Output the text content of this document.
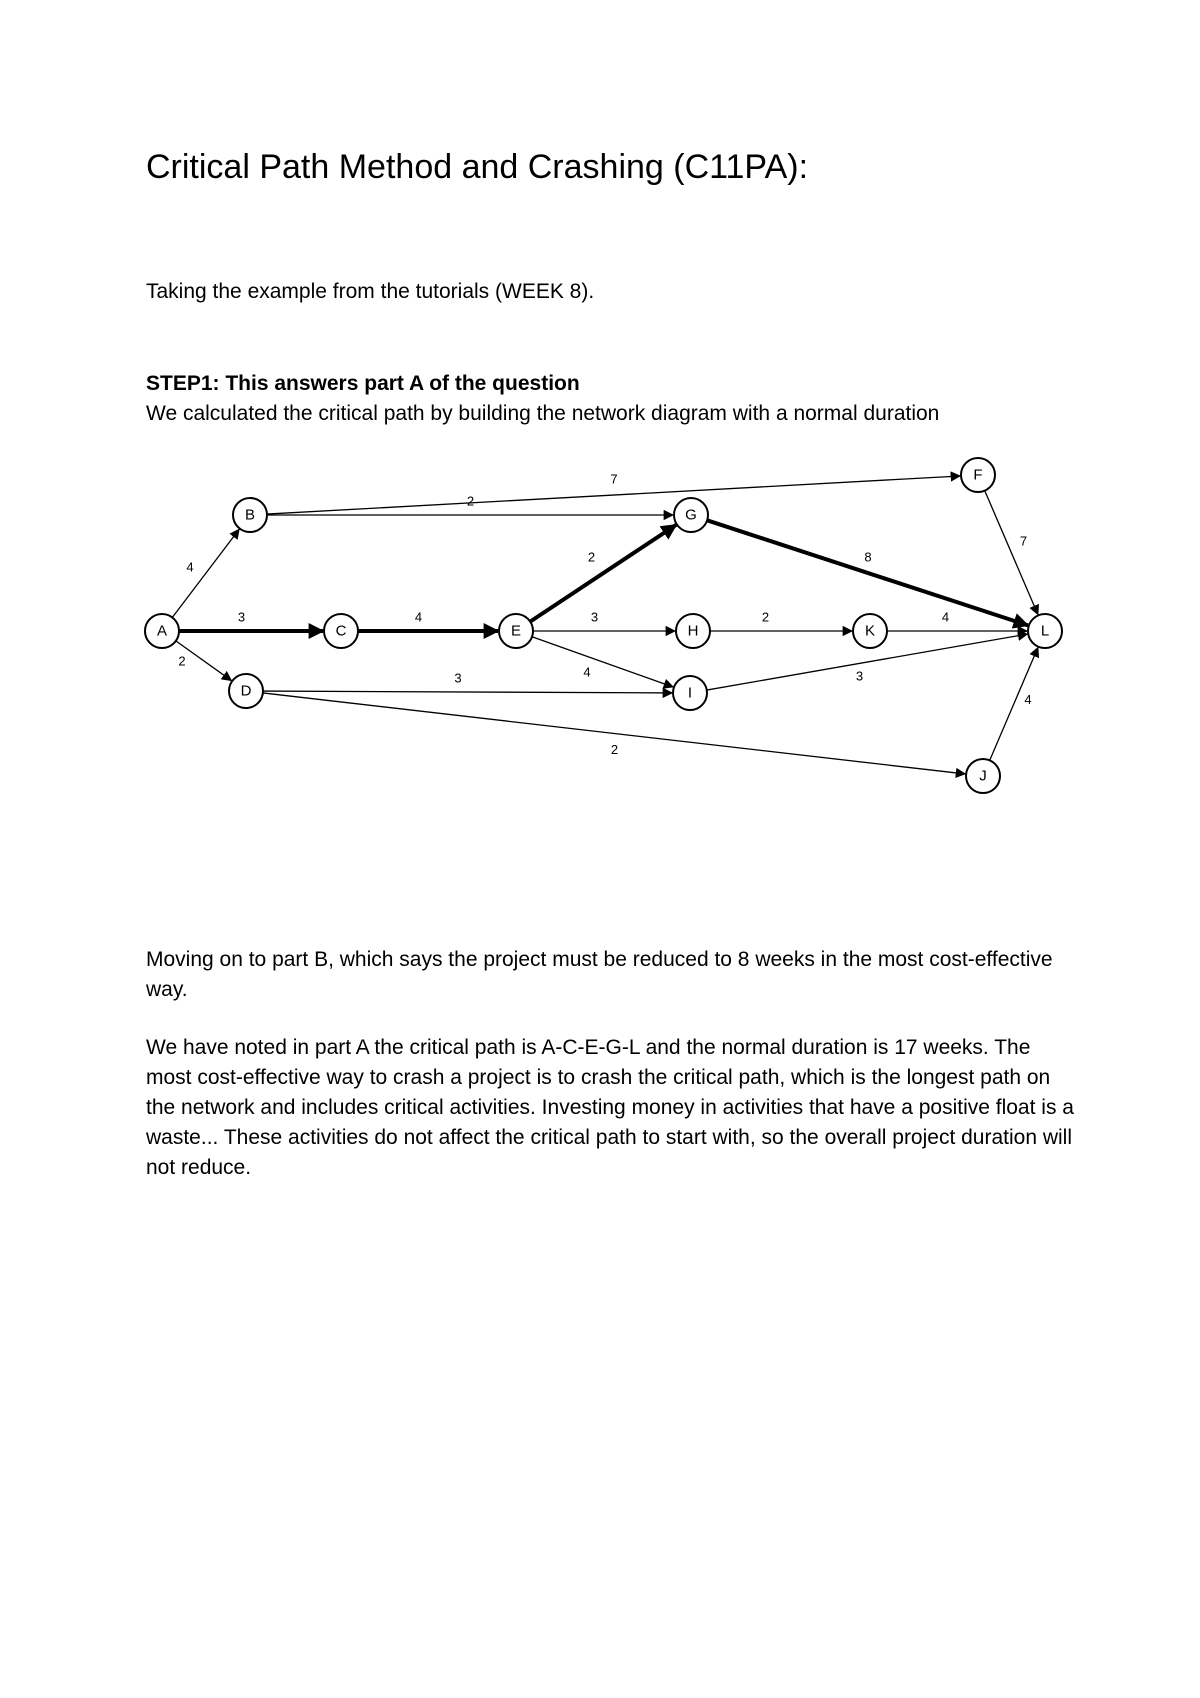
Critical Path Method and Crashing (C11PA):

Taking the example from the tutorials (WEEK 8).

STEP1: This answers part A of the question

We calculated the critical path by building the network diagram with a normal duration

4
3
2
7
2
4
2
3
4
3
2
8
2	4
3
7
4
A
B
C
D
E
F
G
H
I
J
K	L

Moving on to part B, which says the project must be reduced to 8 weeks in the most cost-effective way.

We have noted in part A the critical path is A-C-E-G-L and the normal duration is 17 weeks. The most cost-effective way to crash a project is to crash the critical path, which is the longest path on the network and includes critical activities. Investing money in activities that have a positive float is a waste... These activities do not affect the critical path to start with, so the overall project duration will not reduce.
